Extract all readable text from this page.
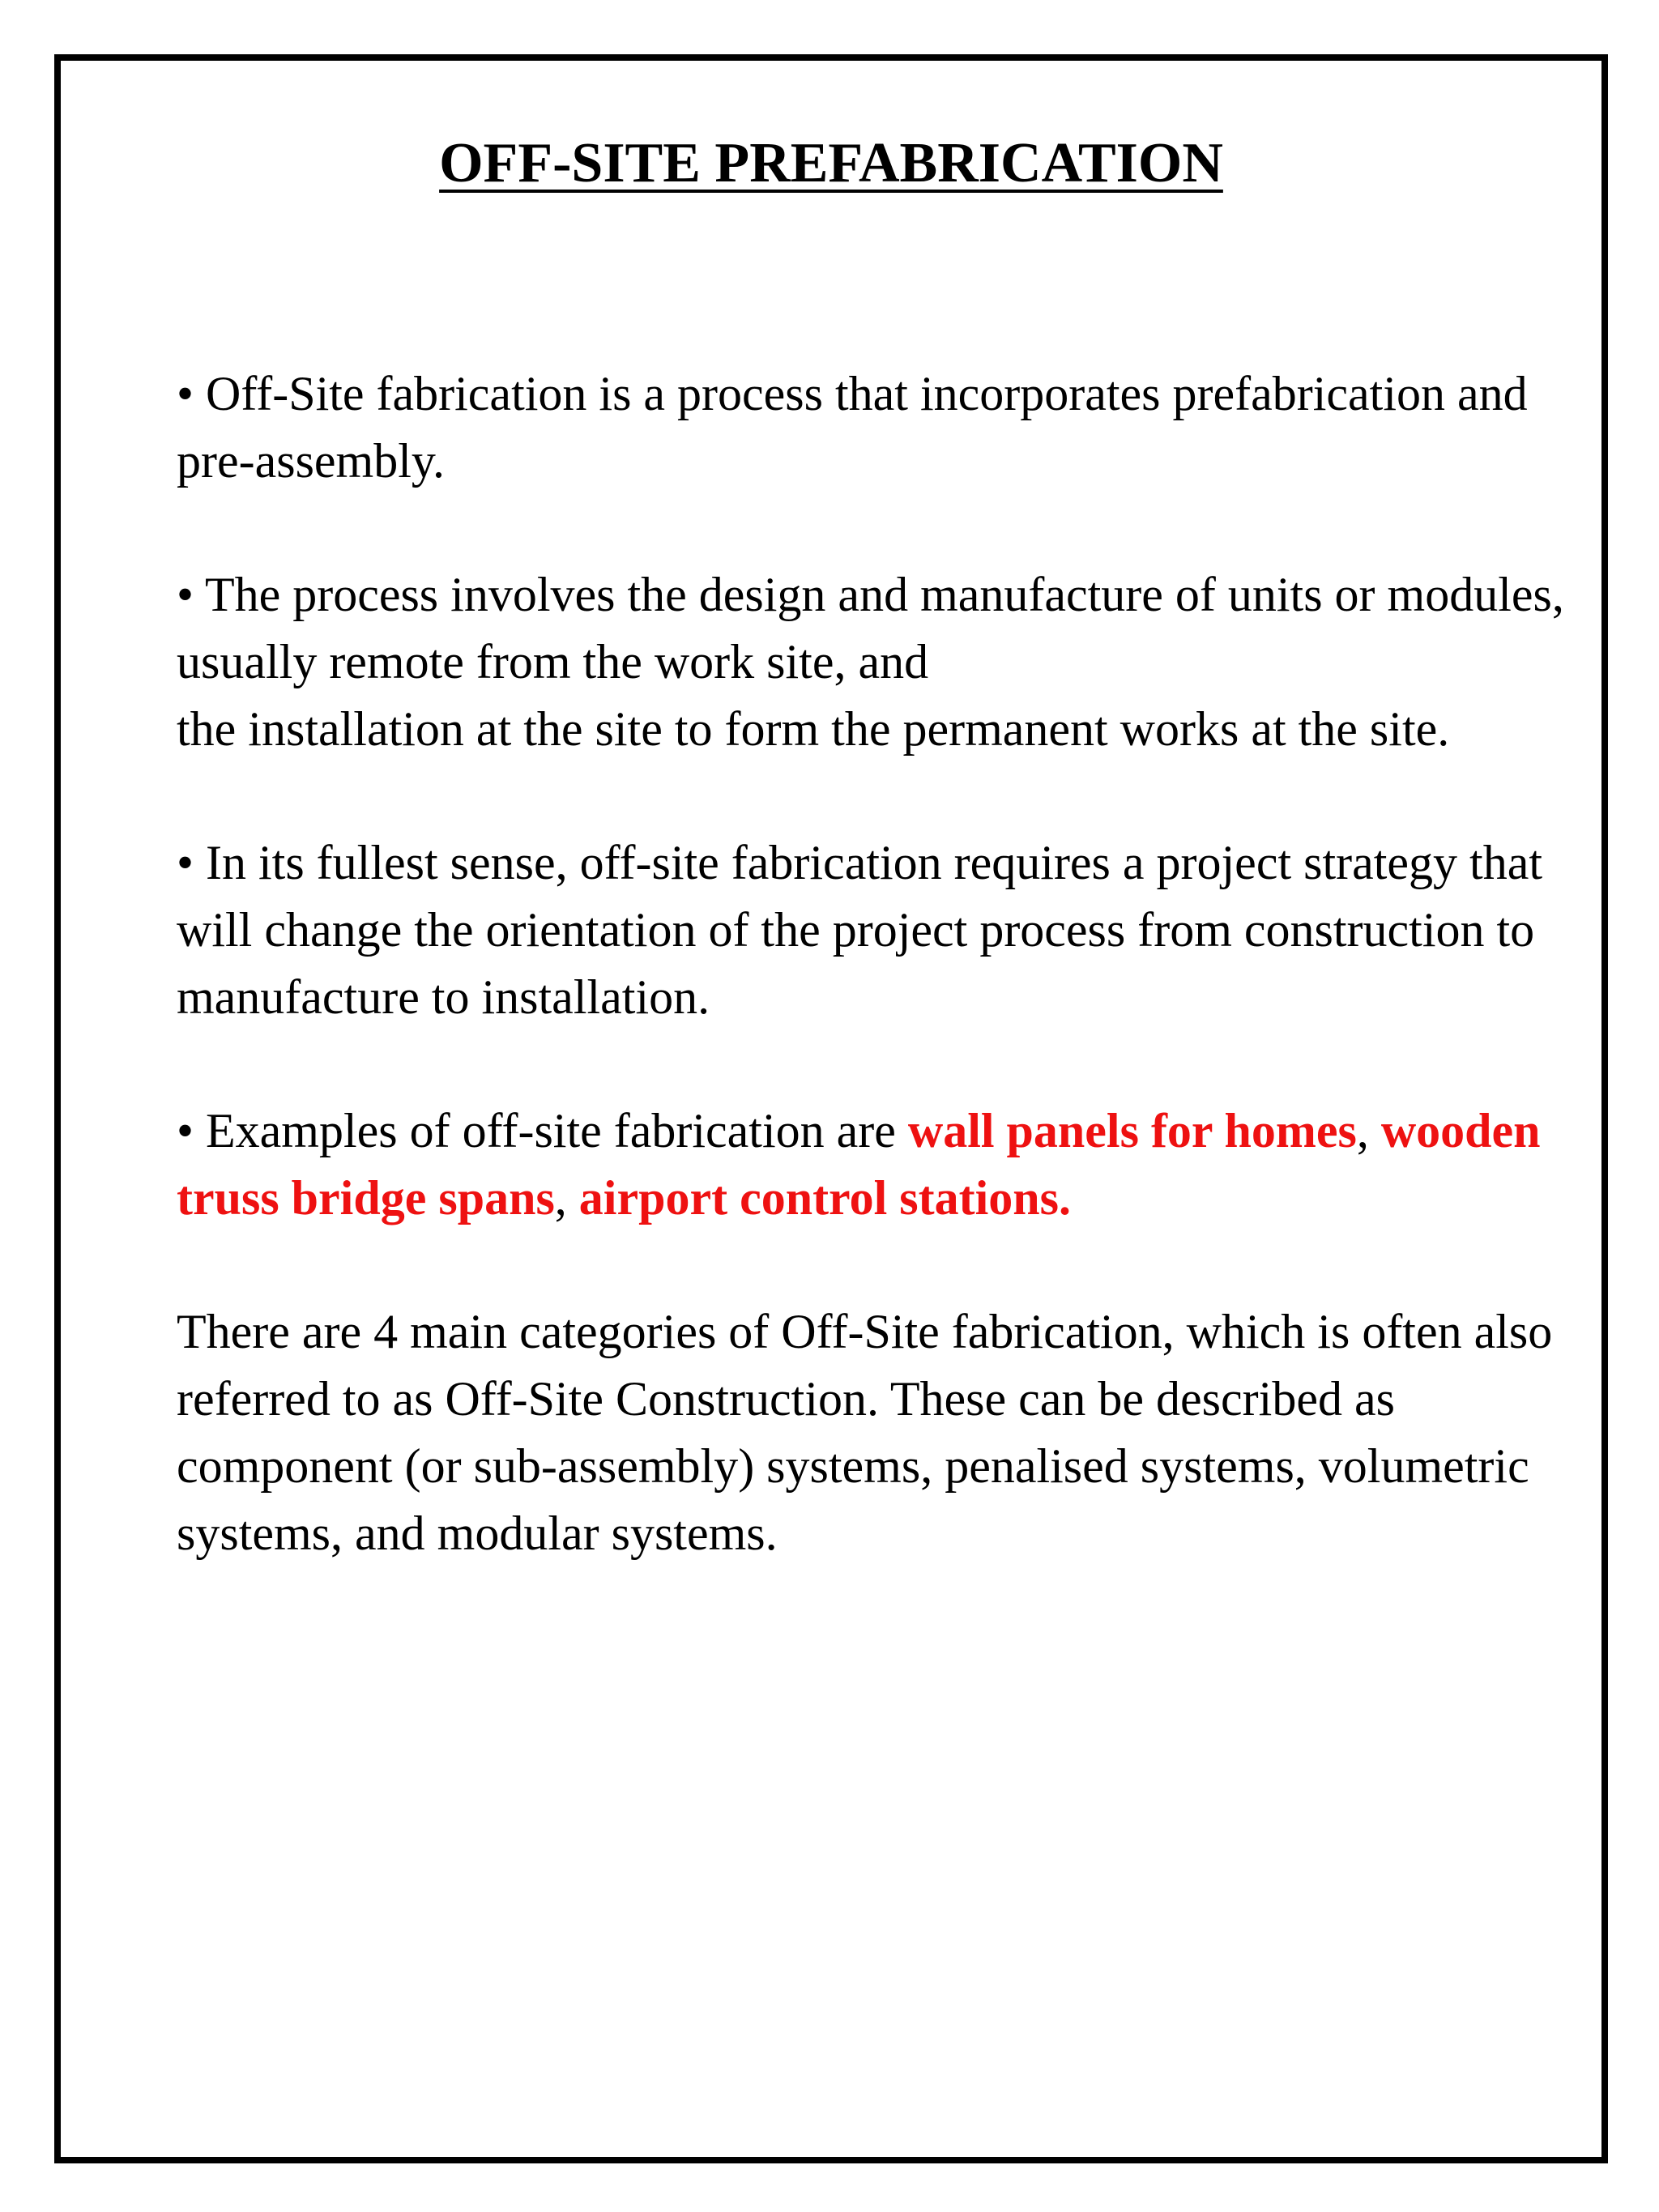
OFF-SITE PREFABRICATION

• Off-Site fabrication is a process that incorporates prefabrication and pre-assembly.

• The process involves the design and manufacture of units or modules, usually remote from the work site, and
the installation at the site to form the permanent works at the site.

• In its fullest sense, off-site fabrication requires a project strategy that will change the orientation of the project process from construction to manufacture to installation.

• Examples of off-site fabrication are wall panels for homes, wooden truss bridge spans, airport control stations.

There are 4 main categories of Off-Site fabrication, which is often also referred to as Off-Site Construction. These can be described as component (or sub-assembly) systems, penalised systems, volumetric systems, and modular systems.
